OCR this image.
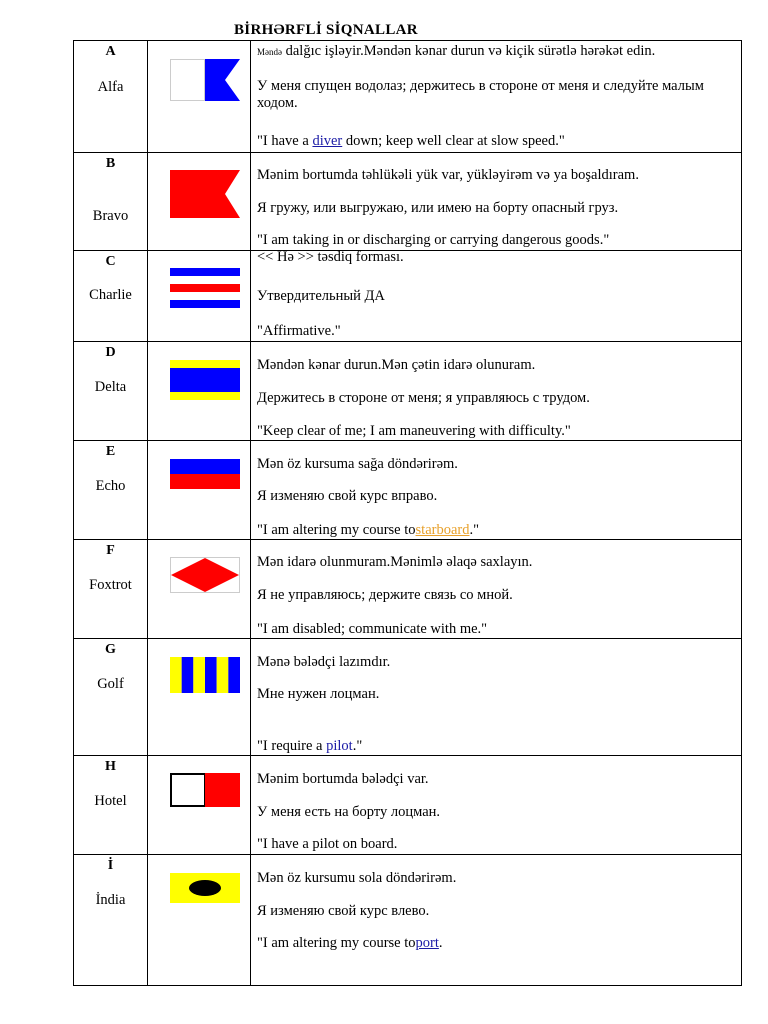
BİRHƏRFLİ SİQNALLAR
A
Alfa
Məndə dalğıc işləyir.Məndən kənar durun və kiçik sürətlə hərəkət edin.
У меня спущен водолаз; держитесь в стороне от меня и следуйте малым ходом.
"I have a diver down; keep well clear at slow speed."
B
Bravo
Mənim bortumda təhlükəli yük var, yükləyirəm və ya boşaldıram.
Я гружу, или выгружаю, или имею на борту опасный груз.
"I am taking in or discharging or carrying dangerous goods."
C
Charlie
<< Hə >> təsdiq forması.
Утвердительный ДА
"Affirmative."
D
Delta
Məndən kənar durun.Mən çətin idarə olunuram.
Держитесь в стороне от меня; я управляюсь с трудом.
"Keep clear of me; I am maneuvering with difficulty."
E
Echo
Mən öz kursuma sağa döndərirəm.
Я изменяю свой курс вправо.
"I am altering my course tostarboard."
F
Foxtrot
Mən idarə olunmuram.Mənimlə əlaqə saxlayın.
Я не управляюсь; держите связь со мной.
"I am disabled; communicate with me."
G
Golf
Mənə bələdçi lazımdır.
Мне нужен лоцман.
"I require a pilot."
H
Hotel
Mənim bortumda bələdçi var.
У меня есть на борту лоцман.
"I have a pilot on board.
İ
İndia
Mən öz kursumu sola döndərirəm.
Я изменяю свой курс влево.
"I am altering my course toport.
